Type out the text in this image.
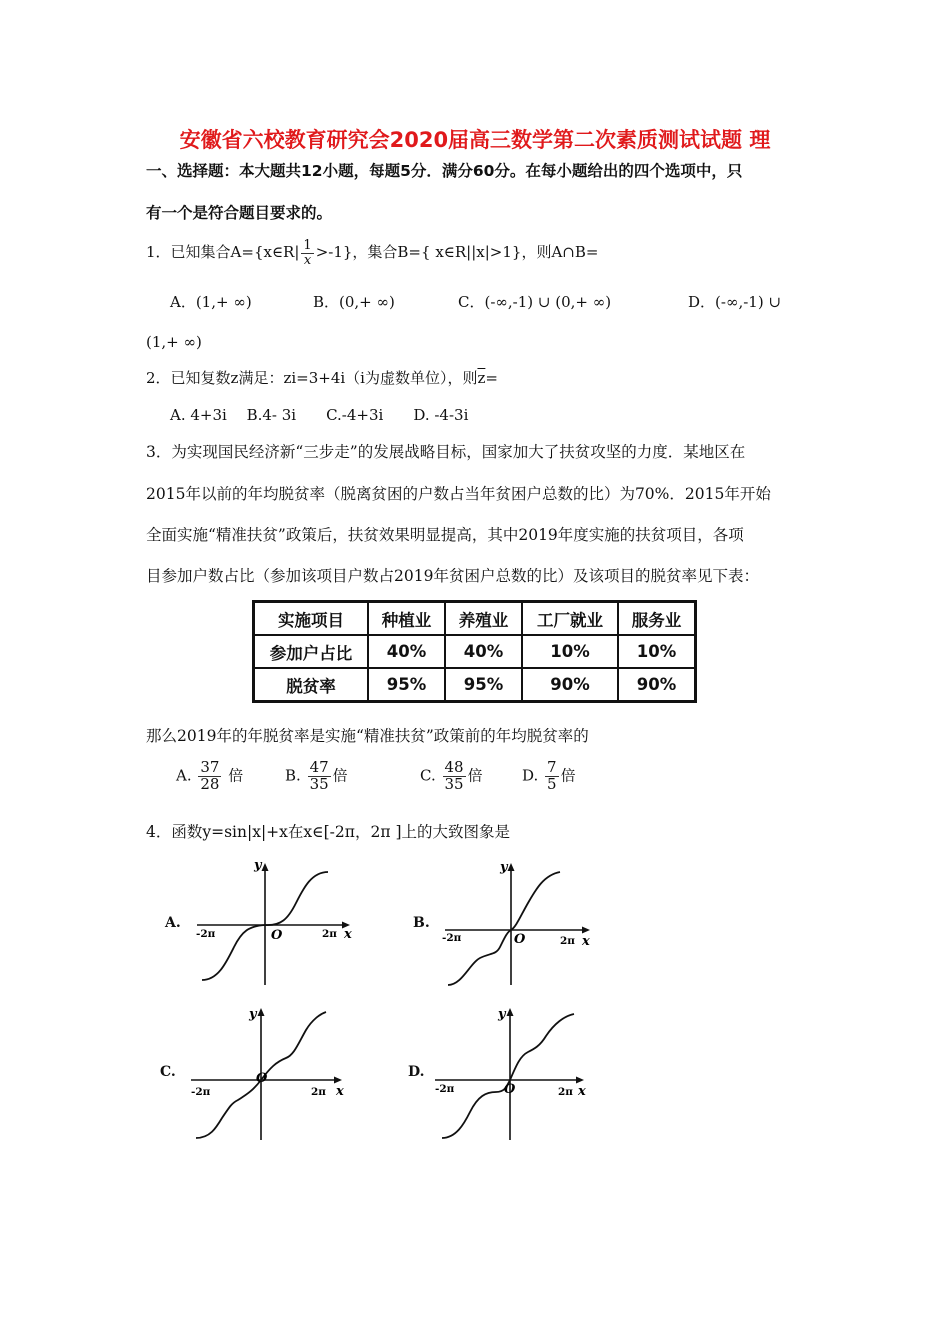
安徽省六校教育研究会2020届高三数学第二次素质测试试题 理
一、选择题：本大题共12小题，每题5分．满分60分。在每小题给出的四个选项中，只
有一个是符合题目要求的。
1．已知集合A={x∈R| $\frac{1}{x} >-1$}，集合B={ x∈R||x|>1}，则A∩B=
A．(1,+ ∞)	B．(0,+ ∞)	C．(-∞,-1) ∪ (0,+ ∞)	D．(-∞,-1) ∪
(1,+ ∞)
2．已知复数z满足：zi=3+4i（i为虚数单位），则$\overline{z}=$
A. 4+3i　 B.4- 3i　　C.-4+3i　　D. -4-3i
3．为实现国民经济新“三步走”的发展战略目标，国家加大了扶贫攻坚的力度．某地区在
2015年以前的年均脱贫率（脱离贫困的户数占当年贫困户总数的比）为70%．2015年开始
全面实施“精准扶贫”政策后，扶贫效果明显提高，其中2019年度实施的扶贫项目，各项
目参加户数占比（参加该项目户数占2019年贫困户总数的比）及该项目的脱贫率见下表：
实施项目	种植业	养殖业	工厂就业	服务业
参加户占比	40%	40%	10%	10%
脱贫率	95%	95%	90%	90%
那么2019年的年脱贫率是实施“精准扶贫”政策前的年均脱贫率的
A. $\frac{37}{28}$ 倍	B. $\frac{47}{35}$ 倍	C. $\frac{48}{35}$ 倍	D. $\frac{7}{5}$ 倍
4．函数y=sin|x|+x在x∈[-2π，2π ]上的大致图象是
A.
y
x
O
-2π	2π
B.
y
x
O
-2π	2π
C.
y
x
O
-2π	2π
D.
y
x
O
-2π	2π
